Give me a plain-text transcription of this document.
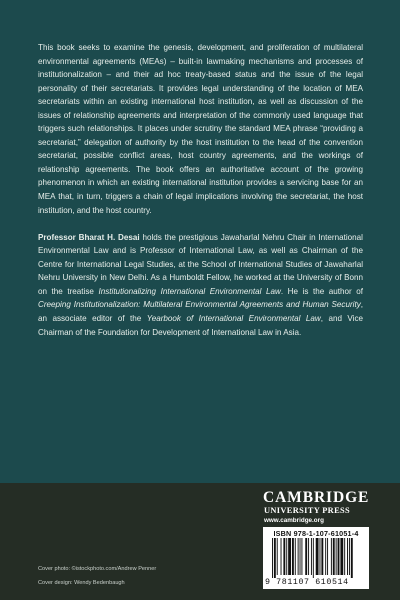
This book seeks to examine the genesis, development, and proliferation of multilateral environmental agreements (MEAs) – built-in lawmaking mechanisms and processes of institutionalization – and their ad hoc treaty-based status and the issue of the legal personality of their secretariats. It provides legal understanding of the location of MEA secretariats within an existing international host institution, as well as discussion of the issues of relationship agreements and interpretation of the commonly used language that triggers such relationships. It places under scrutiny the standard MEA phrase “providing a secretariat,” delegation of authority by the host institution to the head of the convention secretariat, possible conflict areas, host country agreements, and the workings of relationship agreements. The book offers an authoritative account of the growing phenomenon in which an existing international institution provides a servicing base for an MEA that, in turn, triggers a chain of legal implications involving the secretariat, the host institution, and the host country.

Professor Bharat H. Desai holds the prestigious Jawaharlal Nehru Chair in International Environmental Law and is Professor of International Law, as well as Chairman of the Centre for International Legal Studies, at the School of International Studies of Jawaharlal Nehru University in New Delhi. As a Humboldt Fellow, he worked at the University of Bonn on the treatise Institutionalizing International Environmental Law. He is the author of Creeping Institutionalization: Multilateral Environmental Agreements and Human Security, an associate editor of the Yearbook of International Environmental Law, and Vice Chairman of the Foundation for Development of International Law in Asia.

CAMBRIDGE
UNIVERSITY PRESS
www.cambridge.org
ISBN 978-1-107-61051-4
9 781107 610514
Cover photo: ©istockphoto.com/Andrew Penner
Cover design: Wendy Bedenbaugh
